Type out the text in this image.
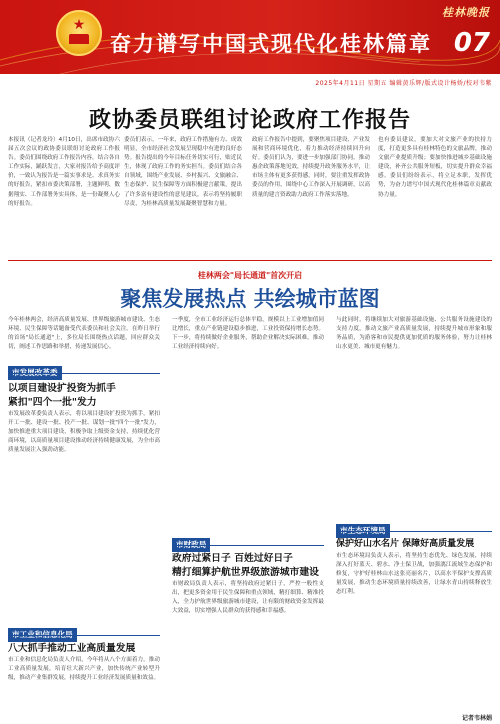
★
奋力谱写中国式现代化桂林篇章
桂林晚报
07
2025年4月11日 星期五 编辑黄乐辉/版式设计杨娇/校对韦紫
政协委员联组讨论政府工作报告

本报讯（记者龙玲）4月10日，出席市政协六届五次会议的政协委员联组讨论政府工作报告。委员们围绕政府工作报告内容，结合各自工作实际，踊跃发言，大家对报告给予高度评价，一致认为报告是一篇实事求是、求真务实的好报告，紧扣市委决策部署，主题鲜明、数据翔实、工作部署务实具体，是一份凝聚人心的好报告。

委员们表示，一年来，政府工作措施有力、成效明显，全市经济社会发展呈现稳中有进的良好态势。报告提出的今年目标任务切实可行，贴近民生，体现了政府工作的务实担当。委员们结合各自领域，围绕产业发展、乡村振兴、文旅融合、生态保护、民生保障等方面积极建言献策，提出了许多富有建设性的意见建议，表示将坚持履职尽责，为桂林高质量发展凝聚智慧和力量。

政府工作报告中提到，要聚焦项目建设、产业发展和营商环境优化，着力推动经济持续回升向好。委员们认为，要进一步加强部门协同，推动惠企政策落地见效，持续提升政务服务水平，让市场主体有更多获得感。同时，要注重发挥政协委员的作用，围绕中心工作深入开展调研，以高质量的建言资政助力政府工作落实落地。

也有委员建议，要加大对文旅产业的扶持力度，打造更多具有桂林特色的文旅品牌，推动文旅产业提质升级；要加快推进城乡基础设施建设，补齐公共服务短板，切实提升群众幸福感。委员们纷纷表示，将立足本职，发挥优势，为奋力谱写中国式现代化桂林篇章贡献政协力量。

桂林两会"局长通道"首次开启
聚焦发展热点 共绘城市蓝图

今年桂林两会，经济高质量发展、世界级旅游城市建设、生态环境、民生保障等话题备受代表委员和社会关注。在昨日举行的首场"局长通道"上，多位局长围绕热点话题，回应群众关切，阐述工作思路和举措，传递发展信心。

以项目建设扩投资为抓手
紧扣"四个一批"发力

市发展改革委负责人表示，将以项目建设扩投资为抓手，紧扣开工一批、建设一批、投产一批、谋划一批"四个一批"发力，加快推进重大项目建设，积极争取上级资金支持，持续优化营商环境，以高质量项目建设推动经济持续健康发展，为全市高质量发展注入强劲动能。

八大抓手推动工业高质量发展

市工业和信息化局负责人介绍，今年将从八个方面着力，推动工业高质量发展，培育壮大新兴产业，加快传统产业转型升级，推动产业集群发展，持续提升工业经济发展质量和效益。

一季度，全市工业经济运行总体平稳，规模以上工业增加值同比增长，重点产业链建设稳步推进，工业投资保持增长态势。下一步，将持续做好企业服务，帮助企业解决实际困难，推动工业经济持续向好。

政府过紧日子 百姓过好日子
精打细算护航世界级旅游城市建设

市财政局负责人表示，将坚持政府过紧日子，严控一般性支出，把更多资金用于民生保障和重点领域，精打细算、精准投入，全力护航世界级旅游城市建设，让有限的财政资金发挥最大效益，切实增强人民群众的获得感和幸福感。

与此同时，将继续加大对旅游基础设施、公共服务设施建设的支持力度，推动文旅产业高质量发展，持续提升城市形象和服务品质，为游客和市民提供更加优质的服务体验，努力让桂林山水更美、城市更有魅力。

保护好山水名片 保障好高质量发展

市生态环境局负责人表示，将坚持生态优先、绿色发展，持续深入打好蓝天、碧水、净土保卫战，加强漓江流域生态保护和修复，守护好桂林山水这张亮丽名片，以高水平保护支撑高质量发展，推动生态环境质量持续改善，让绿水青山持续释放生态红利。

记者韦林娟
